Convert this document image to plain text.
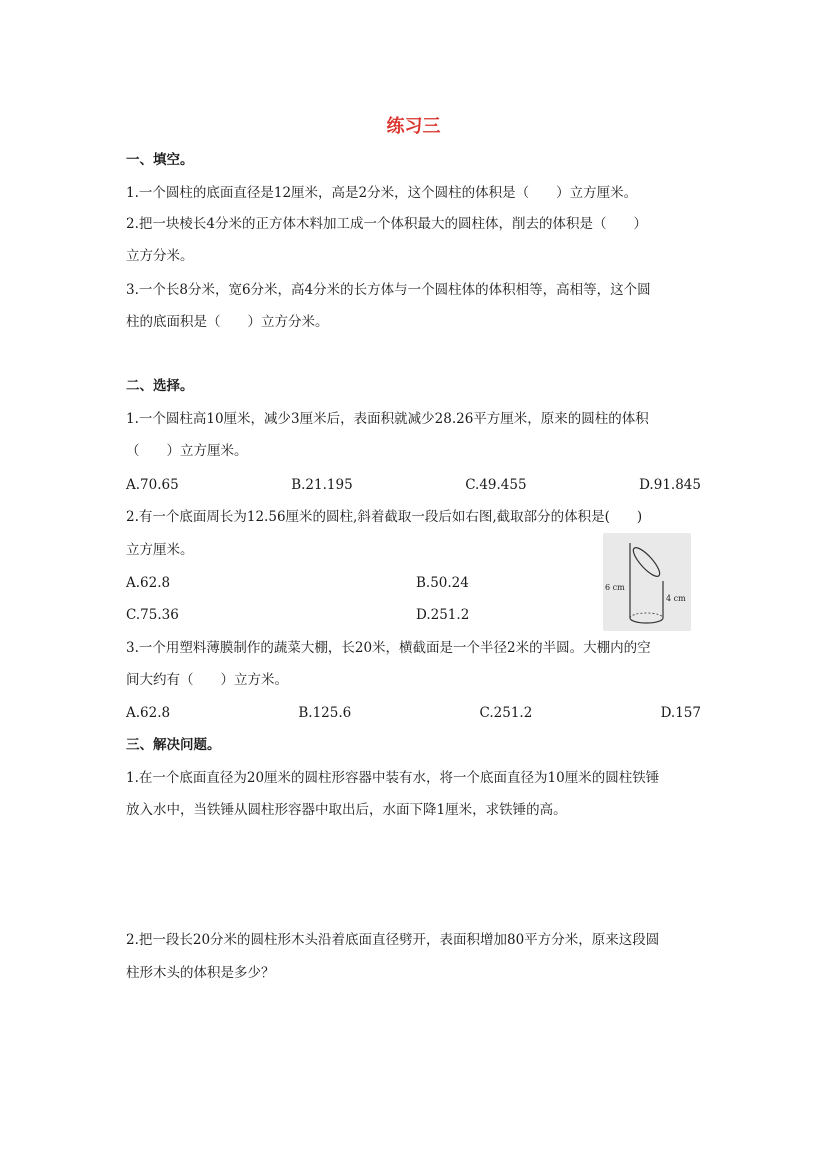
练习三
一、填空。
1.一个圆柱的底面直径是12厘米，高是2分米，这个圆柱的体积是（　　）立方厘米。
2.把一块棱长4分米的正方体木料加工成一个体积最大的圆柱体，削去的体积是（　　）
立方分米。
3.一个长8分米，宽6分米，高4分米的长方体与一个圆柱体的体积相等，高相等，这个圆
柱的底面积是（　　）立方分米。
二、选择。
1.一个圆柱高10厘米，减少3厘米后，表面积就减少28.26平方厘米，原来的圆柱的体积
（　　）立方厘米。
A.70.65	B.21.195	C.49.455	D.91.845
2.有一个底面周长为12.56厘米的圆柱,斜着截取一段后如右图,截取部分的体积是(　　)
立方厘米。
A.62.8	B.50.24
C.75.36	D.251.2
6 cm
4 cm
3.一个用塑料薄膜制作的蔬菜大棚，长20米，横截面是一个半径2米的半圆。大棚内的空
间大约有（　　）立方米。
A.62.8	B.125.6	C.251.2	D.157
三、解决问题。
1.在一个底面直径为20厘米的圆柱形容器中装有水，将一个底面直径为10厘米的圆柱铁锤
放入水中，当铁锤从圆柱形容器中取出后，水面下降1厘米，求铁锤的高。
2.把一段长20分米的圆柱形木头沿着底面直径劈开，表面积增加80平方分米，原来这段圆
柱形木头的体积是多少？
